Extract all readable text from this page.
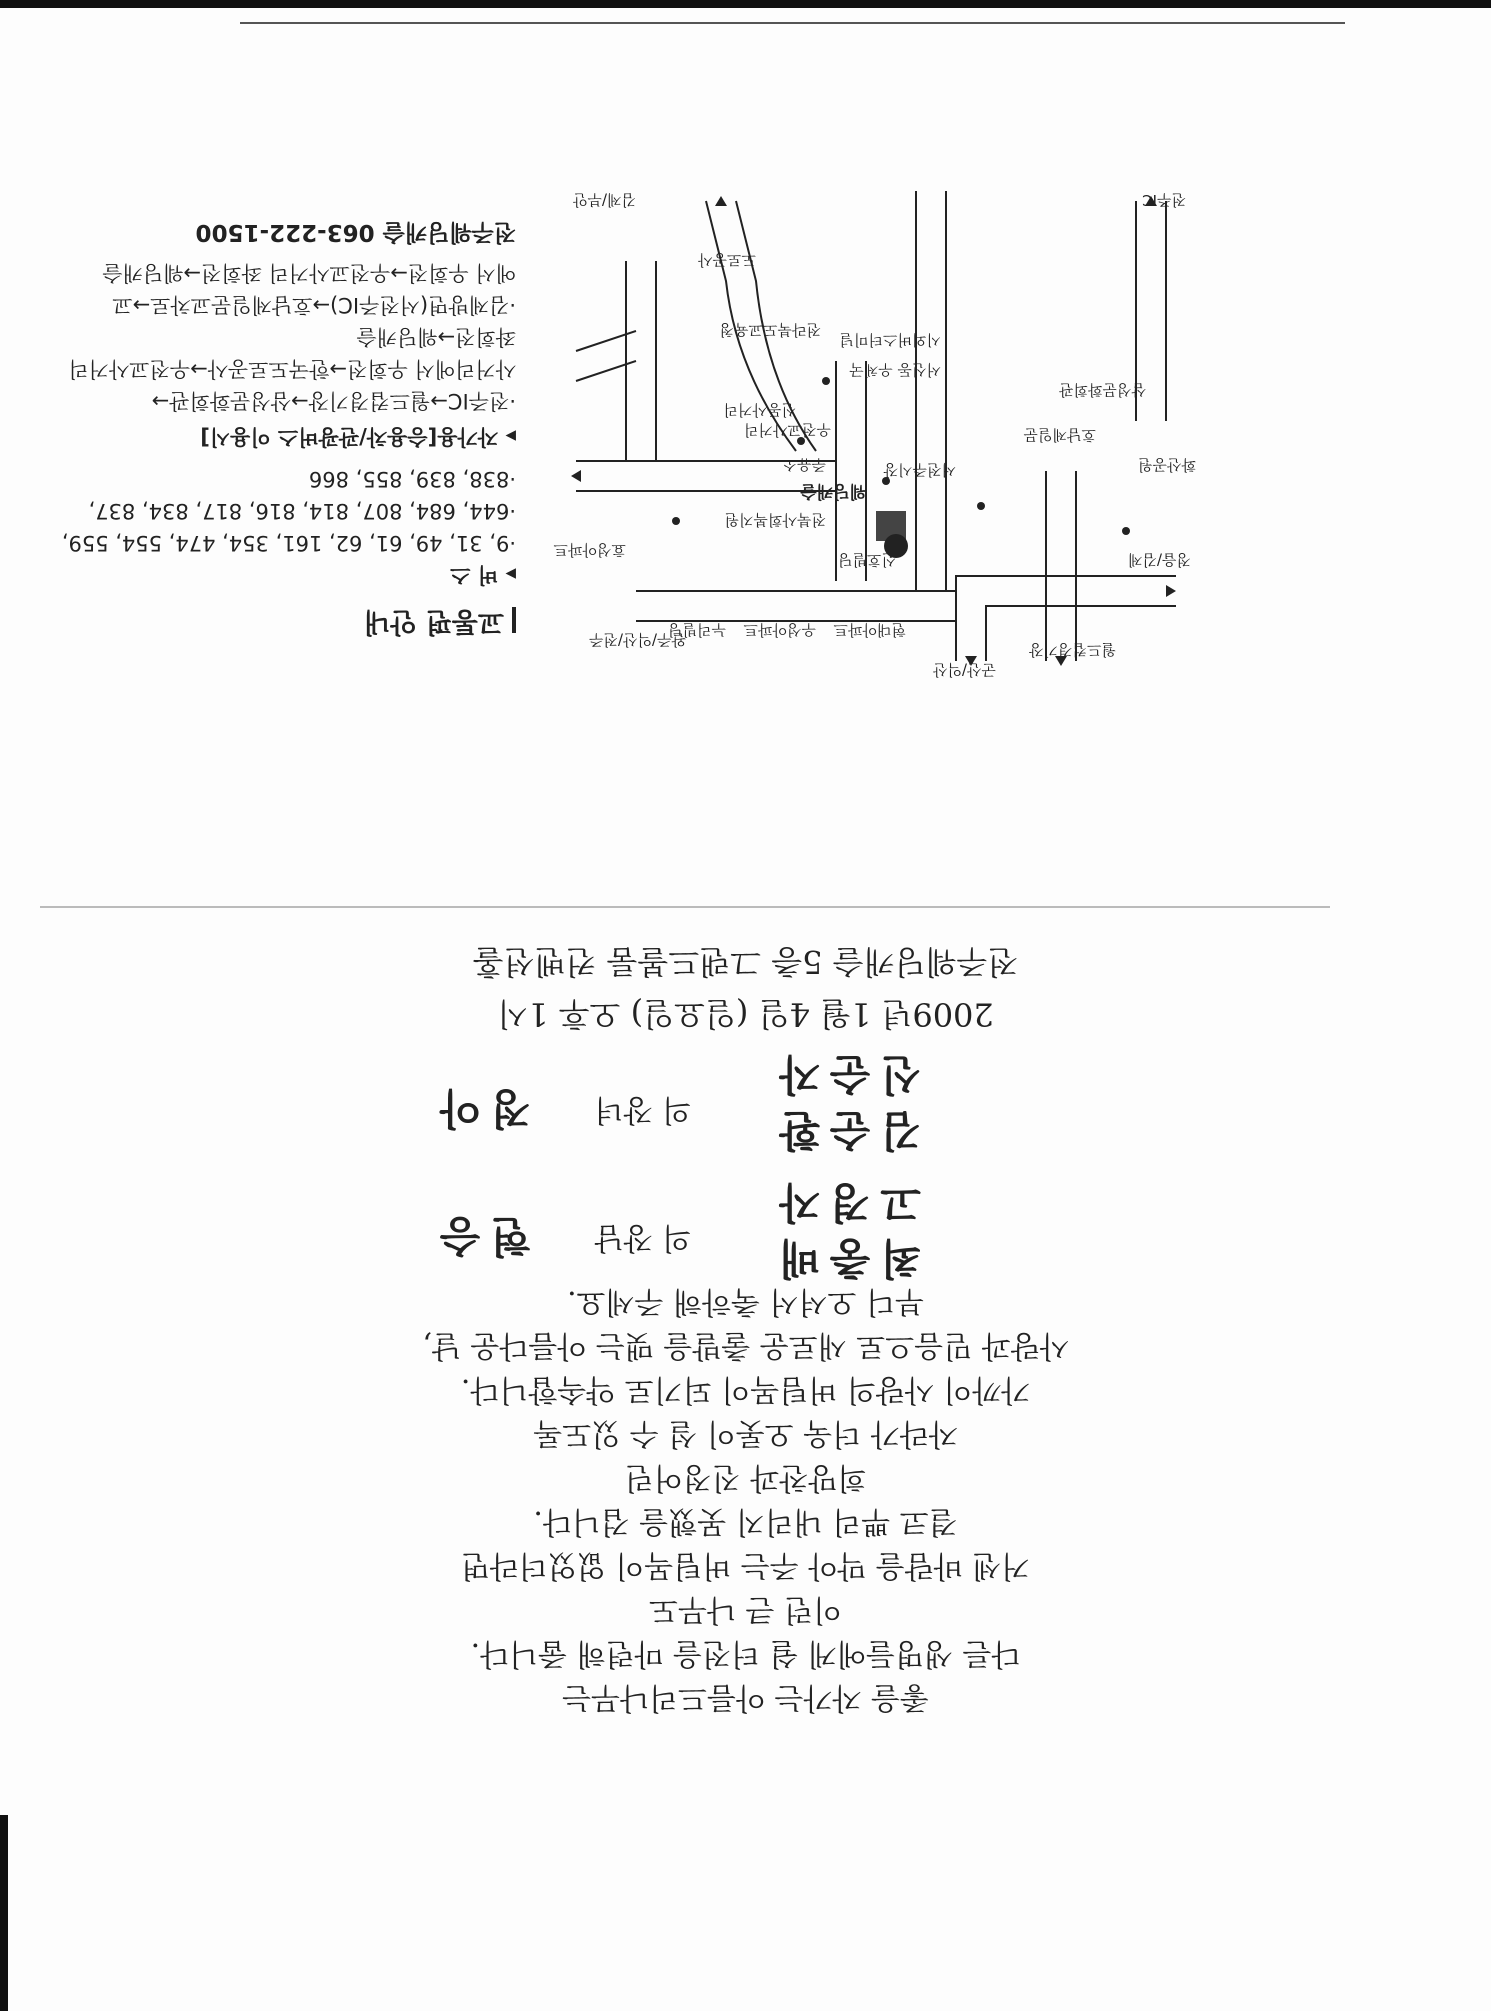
좋을 자가는 아름드리나무는
다른 생명들에게 쉴 터전을 마련해 줍니다.
이런 큰 나무도
거센 바람을 막아 주는 버팀목이 없었더라면
결코 뿌리 내리지 못했을 겁니다.
희망찬과 진정어린
자라가 더욱 오롯이 설 수 있도록
가까이 사랑의 버팀목이 되기로 약속합니다.
사랑과 믿음으로 새로운 출발을 맺는 아름다운 날,
부디 오셔서 축하해 주세요.
최충배
고경자
의 장남
현승
김순환
신순자
의 장녀
정아
2009년 1월 4일 (일요일) 오후 1시
전주웨딩캐슬 5층 그랜드볼룸 컨벤션홀
교통편 안내
▸ 버 스
·9, 31, 49, 61, 62, 161, 354, 474, 554, 559,
·644, 684, 807, 814, 816, 817, 834, 837,
·838, 839, 855, 866
▸ 자가용[승용차/관광버스 이용시]
·전주IC→월드컵경기장→삼성문화회관→
사거리에서 우회전→한국도로공사→우전교사거리
좌회전→웨딩캐슬
·김제방면(서전주IC)→호남제일문교차로→교
에서 우회전→우전교사거리 좌회전→웨딩캐슬
전주웨딩캐슬 063-222-1500
웨딩캐슬
신호빌딩
군산/익산
완주/익산/전주
정읍/김제
김제/부안	전주IC
호남제일문
월드컵경기장
삼성문화회관
현대아파트
우성아파트
누리빌딩
효성아파트
전북사회복지원
서전주시장
주유소
우전교사거리
전라북도교육청
서신동 우체국
시외버스터미널
도로공사
신동사거리
화산공원
